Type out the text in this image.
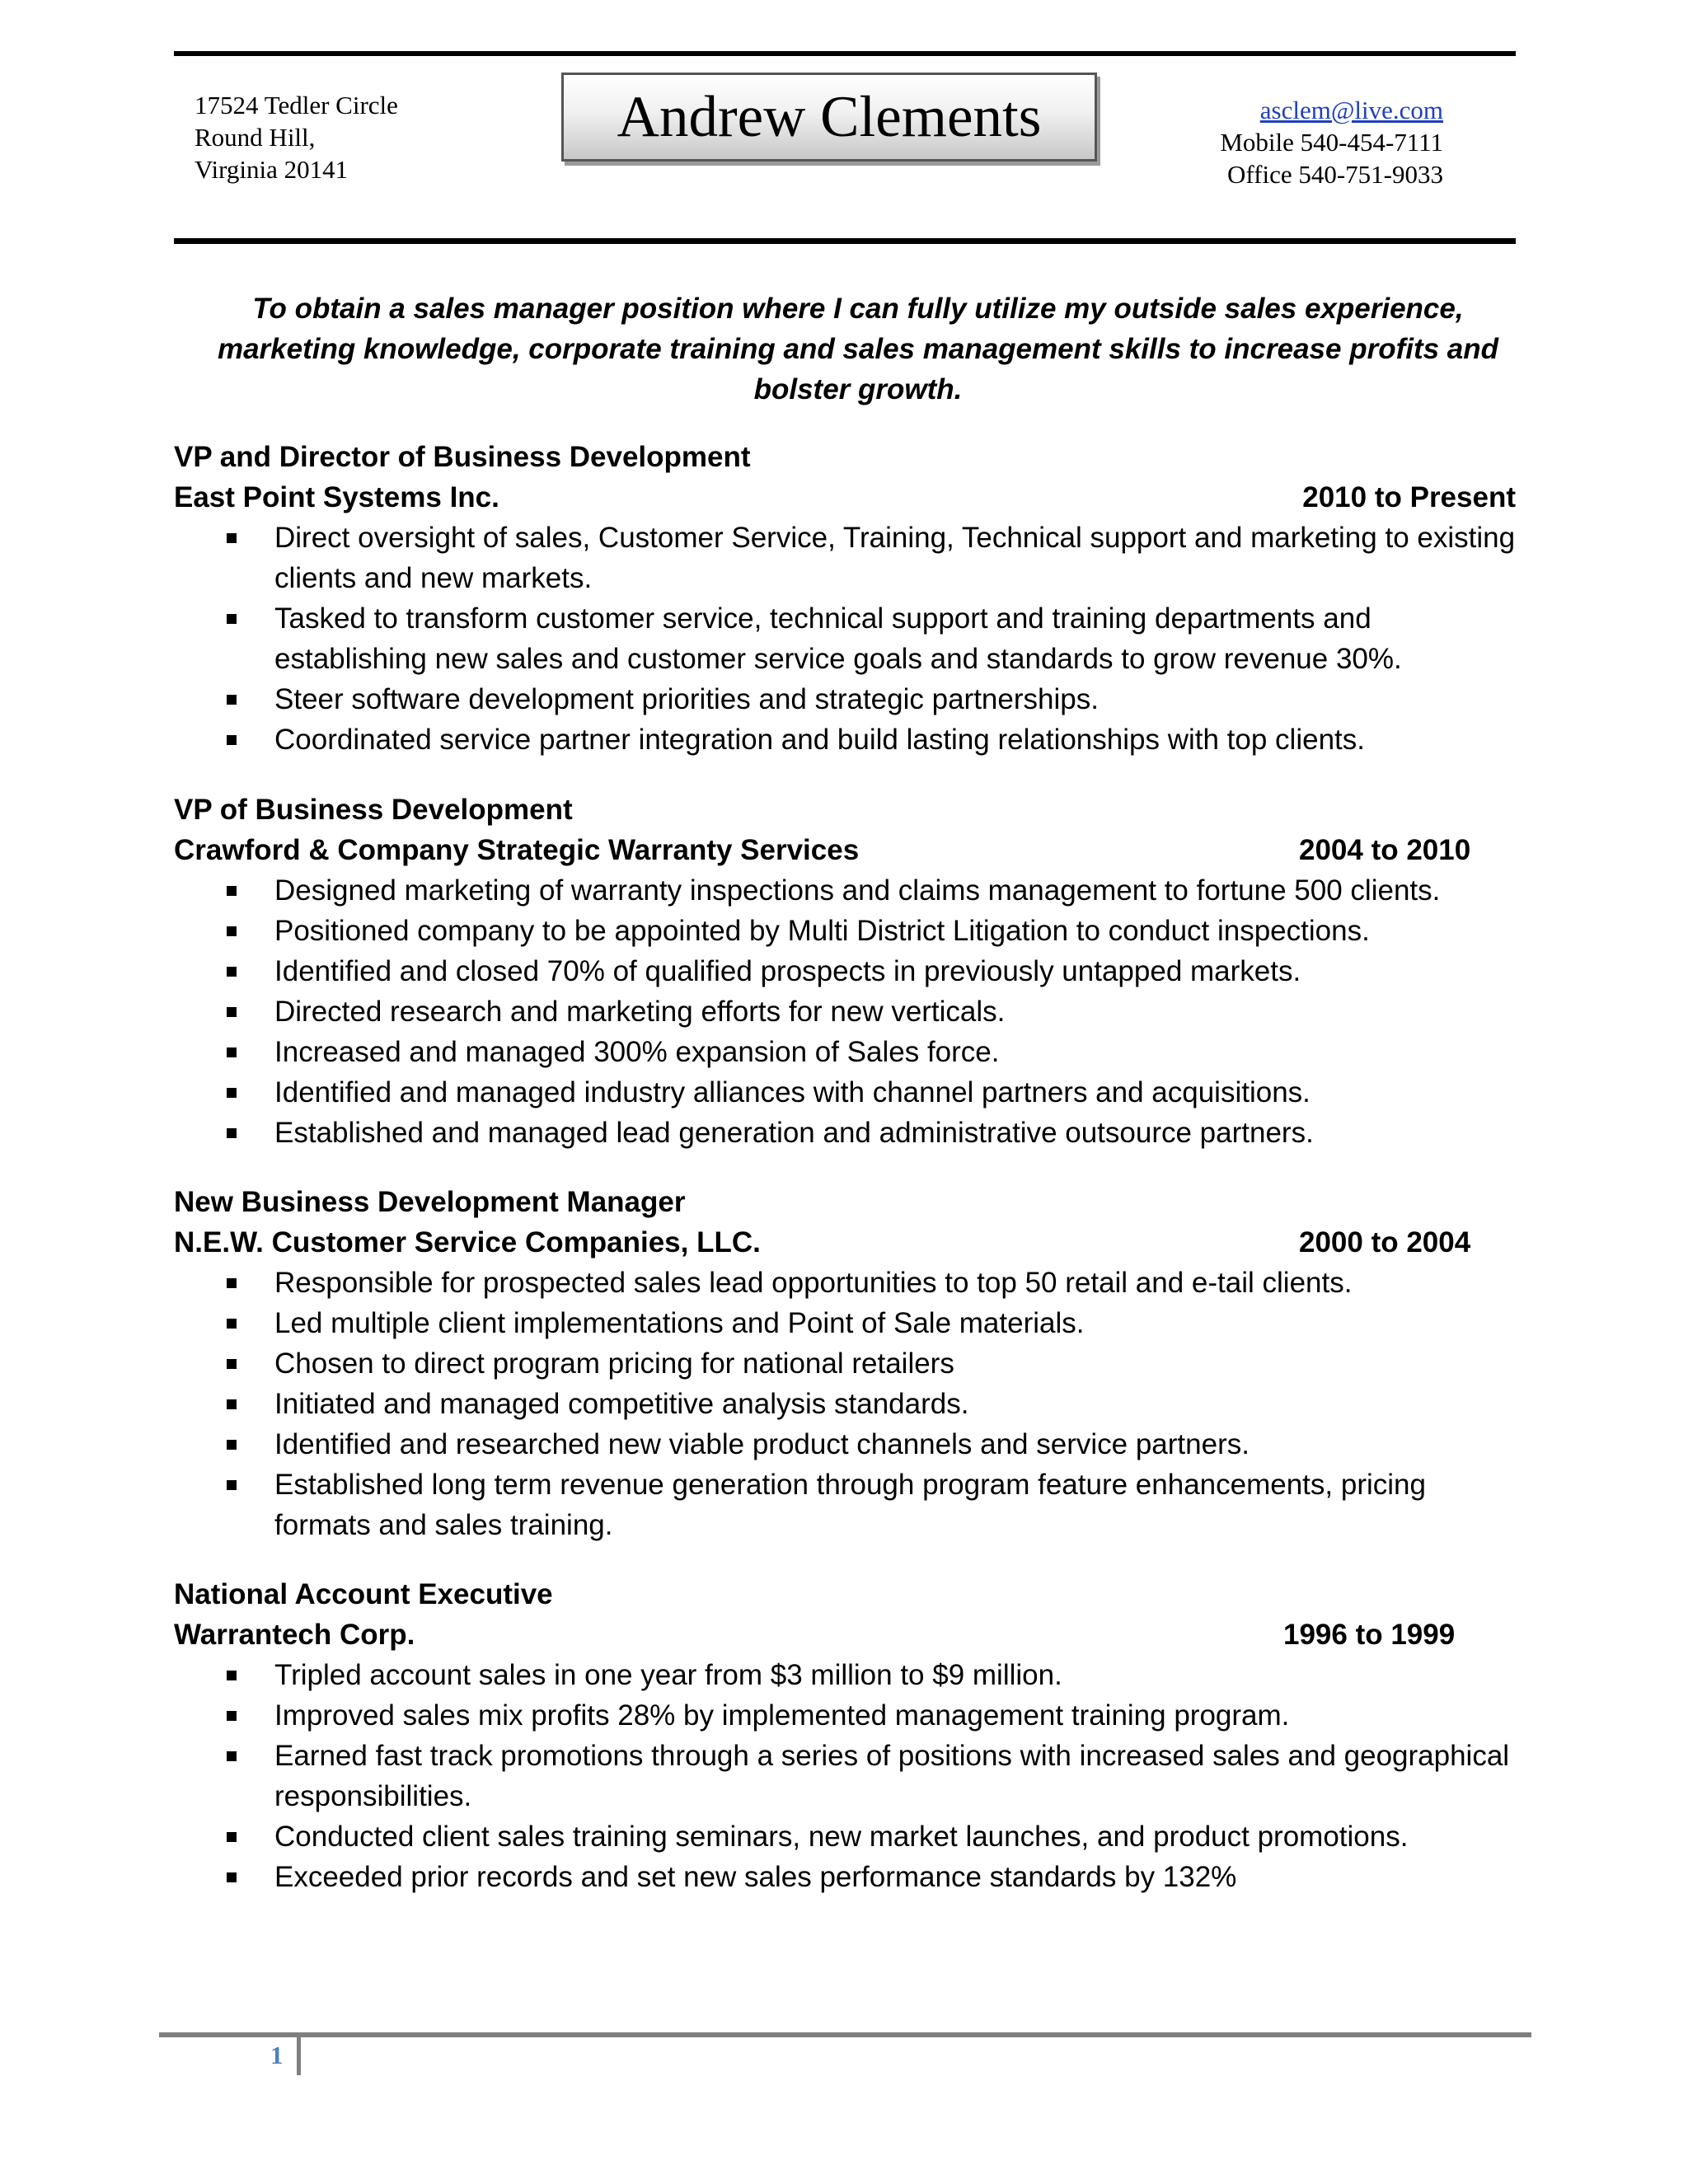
17524 Tedler Circle
Round Hill,
Virginia 20141
Andrew Clements	asclem@live.com
Mobile 540-454-7111
Office 540-751-9033
To obtain a sales manager position where I can fully utilize my outside sales experience, marketing knowledge, corporate training and sales management skills to increase profits and bolster growth.
VP and Director of Business Development
East Point Systems Inc.	2010 to Present
Direct oversight of sales, Customer Service, Training, Technical support and marketing to existing clients and new markets.
Tasked to transform customer service, technical support and training departments and establishing new sales and customer service goals and standards to grow revenue 30%.
Steer software development priorities and strategic partnerships.
Coordinated service partner integration and build lasting relationships with top clients.
VP of Business Development
Crawford & Company Strategic Warranty Services	2004 to 2010
Designed marketing of warranty inspections and claims management to fortune 500 clients.
Positioned company to be appointed by Multi District Litigation to conduct inspections.
Identified and closed 70% of qualified prospects in previously untapped markets.
Directed research and marketing efforts for new verticals.
Increased and managed 300% expansion of Sales force.
Identified and managed industry alliances with channel partners and acquisitions.
Established and managed lead generation and administrative outsource partners.
New Business Development Manager
N.E.W. Customer Service Companies, LLC.	2000 to 2004
Responsible for prospected sales lead opportunities to top 50 retail and e-tail clients.
Led multiple client implementations and Point of Sale materials.
Chosen to direct program pricing for national retailers
Initiated and managed competitive analysis standards.
Identified and researched new viable product channels and service partners.
Established long term revenue generation through program feature enhancements, pricing formats and sales training.
National Account Executive
Warrantech Corp.	1996 to 1999
Tripled account sales in one year from $3 million to $9 million.
Improved sales mix profits 28% by implemented management training program.
Earned fast track promotions through a series of positions with increased sales and geographical responsibilities.
Conducted client sales training seminars, new market launches, and product promotions.
Exceeded prior records and set new sales performance standards by 132%
1
